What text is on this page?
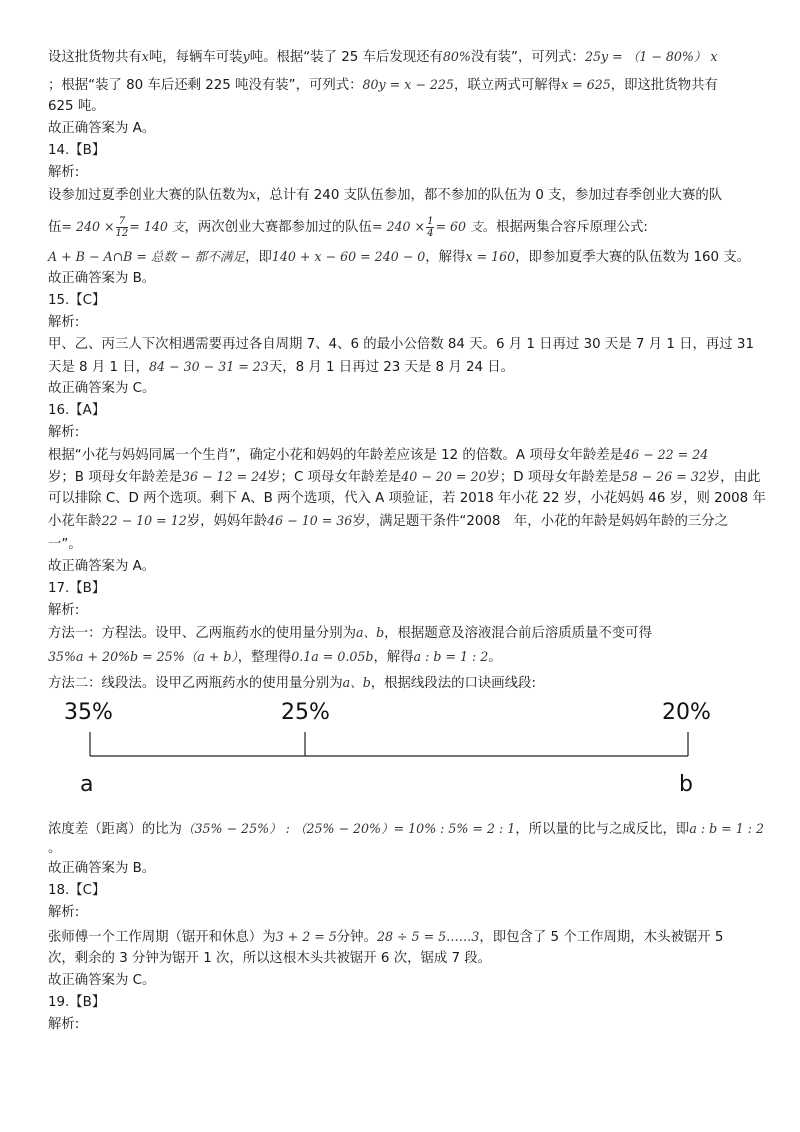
设这批货物共有x吨，每辆车可装y吨。根据“装了 25 车后发现还有80%没有装”，可列式：25y = （1 − 80%） x
；根据“装了 80 车后还剩 225 吨没有装”，可列式：80y = x − 225，联立两式可解得x = 625，即这批货物共有
625 吨。
故正确答案为 A。
14.【B】
解析:
设参加过夏季创业大赛的队伍数为x，总计有 240 支队伍参加，都不参加的队伍为 0 支，参加过春季创业大赛的队
伍= $240 \times \frac{7}{12} = 140$ 支，两次创业大赛都参加过的队伍= $240 \times \frac{1}{4} = 60$ 支。根据两集合容斥原理公式:
A + B − A∩B = 总数 − 都不满足，即140 + x − 60 = 240 − 0，解得x = 160，即参加夏季大赛的队伍数为 160 支。
故正确答案为 B。
15.【C】
解析:
甲、乙、丙三人下次相遇需要再过各自周期 7、4、6 的最小公倍数 84 天。6 月 1 日再过 30 天是 7 月 1 日，再过 31
天是 8 月 1 日，84 − 30 − 31 = 23天，8 月 1 日再过 23 天是 8 月 24 日。
故正确答案为 C。
16.【A】
解析:
根据“小花与妈妈同属一个生肖”，确定小花和妈妈的年龄差应该是 12 的倍数。A 项母女年龄差是46 − 22 = 24
岁；B 项母女年龄差是36 − 12 = 24岁；C 项母女年龄差是40 − 20 = 20岁；D 项母女年龄差是58 − 26 = 32岁，由此
可以排除 C、D 两个选项。剩下 A、B 两个选项，代入 A 项验证，若 2018 年小花 22 岁，小花妈妈 46 岁，则 2008 年
小花年龄22 − 10 = 12岁，妈妈年龄46 − 10 = 36岁，满足题干条件“2008　年，小花的年龄是妈妈年龄的三分之
一”。
故正确答案为 A。
17.【B】
解析:
方法一：方程法。设甲、乙两瓶药水的使用量分别为a、b，根据题意及溶液混合前后溶质质量不变可得
35%a + 20%b = 25%（a + b），整理得0.1a = 0.05b，解得a : b = 1 : 2。
方法二：线段法。设甲乙两瓶药水的使用量分别为a、b，根据线段法的口诀画线段:
35%	25%	20%
a	b
浓度差（距离）的比为（35% − 25%） : （25% − 20%）= 10% : 5% = 2 : 1，所以量的比与之成反比，即a : b = 1 : 2
。
故正确答案为 B。
18.【C】
解析:
张师傅一个工作周期（锯开和休息）为3 + 2 = 5分钟。28 ÷ 5 = 5……3，即包含了 5 个工作周期，木头被锯开 5
次，剩余的 3 分钟为锯开 1 次，所以这根木头共被锯开 6 次，锯成 7 段。
故正确答案为 C。
19.【B】
解析:
